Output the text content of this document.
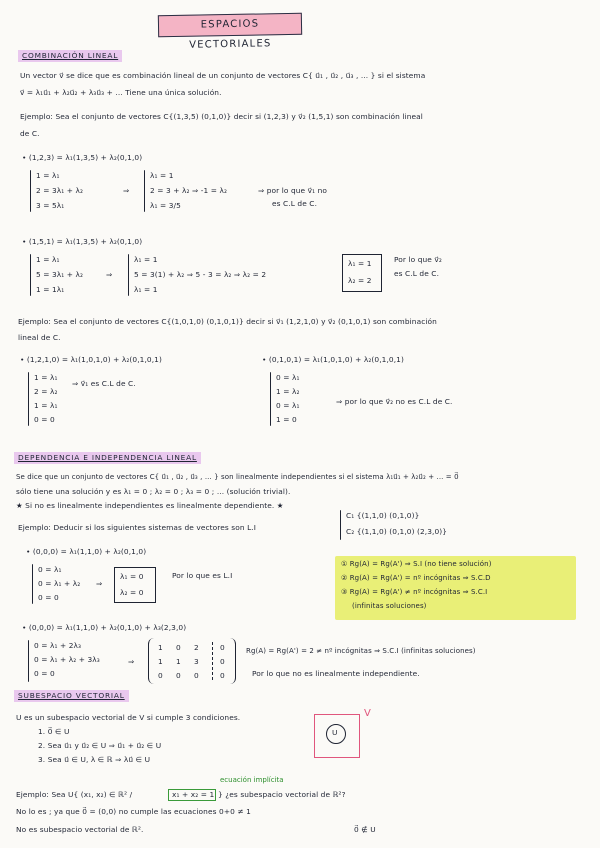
ESPACIOS VECTORIALES
COMBINACIÓN LINEAL
Un vector v⃗ se dice que es combinación lineal de un conjunto de vectores C{ u⃗₁ , u⃗₂ , u⃗₃ , ... } si el sistema
v⃗ = λ₁u⃗₁ + λ₂u⃗₂ + λ₃u⃗₃ + ... Tiene una única solución.
Ejemplo: Sea el conjunto de vectores C{(1,3,5) (0,1,0)} decir si (1,2,3) y v⃗₂ (1,5,1) son combinación lineal
de C.
• (1,2,3) = λ₁(1,3,5) + λ₂(0,1,0)
1 = λ₁
2 = 3λ₁ + λ₂
3 = 5λ₁
⇒
λ₁ = 1
2 = 3 + λ₂ ⇒ -1 = λ₂
λ₁ = 3/5
⇒ por lo que v⃗₁ no
es C.L de C.
• (1,5,1) = λ₁(1,3,5) + λ₂(0,1,0)
1 = λ₁
5 = 3λ₁ + λ₂
1 = 1λ₁
⇒
λ₁ = 1
5 = 3(1) + λ₂ ⇒ 5 - 3 = λ₂ ⇒ λ₂ = 2
λ₁ = 1
λ₁ = 1
λ₂ = 2
Por lo que v⃗₂
es C.L de C.
Ejemplo: Sea el conjunto de vectores C{(1,0,1,0) (0,1,0,1)} decir si v⃗₁ (1,2,1,0) y v⃗₂ (0,1,0,1) son combinación
lineal de C.
• (1,2,1,0) = λ₁(1,0,1,0) + λ₂(0,1,0,1)
1 = λ₁
2 = λ₂
1 = λ₁
0 = 0
⇒ v⃗₁ es C.L de C.
• (0,1,0,1) = λ₁(1,0,1,0) + λ₂(0,1,0,1)
0 = λ₁
1 = λ₂
0 = λ₁
1 = 0
⇒ por lo que v⃗₂ no es C.L de C.
DEPENDENCIA E INDEPENDENCIA LINEAL
Se dice que un conjunto de vectores C{ u⃗₁ , u⃗₂ , u⃗₃ , ... } son linealmente independientes si el sistema λ₁u⃗₁ + λ₂u⃗₂ + ... = 0⃗
sólo tiene una solución y es λ₁ = 0 ; λ₂ = 0 ; λ₃ = 0 ; ... (solución trivial).
★ Si no es linealmente independientes es linealmente dependiente. ★
Ejemplo: Deducir si los siguientes sistemas de vectores son L.I
C₁ {(1,1,0) (0,1,0)}
C₂ {(1,1,0) (0,1,0) (2,3,0)}
• (0,0,0) = λ₁(1,1,0) + λ₂(0,1,0)
0 = λ₁
0 = λ₁ + λ₂
0 = 0
⇒
λ₁ = 0
λ₂ = 0
Por lo que es L.I
① Rg(A) = Rg(A') ⇒ S.I (no tiene solución)
② Rg(A) = Rg(A') = nº incógnitas ⇒ S.C.D
③ Rg(A) = Rg(A') ≠ nº incógnitas ⇒ S.C.I
(infinitas soluciones)
• (0,0,0) = λ₁(1,1,0) + λ₂(0,1,0) + λ₃(2,3,0)
0 = λ₁ + 2λ₃
0 = λ₁ + λ₂ + 3λ₃
0 = 0
⇒
1 0 2	0
1 1 3	0
0 0 0	0
Rg(A) = Rg(A') = 2 ≠ nº incógnitas ⇒ S.C.I (infinitas soluciones)
Por lo que no es linealmente independiente.
SUBESPACIO VECTORIAL
U es un subespacio vectorial de V si cumple 3 condiciones.
1. 0⃗ ∈ U
2. Sea u⃗₁ y u⃗₂ ∈ U ⇒ u⃗₁ + u⃗₂ ∈ U
3. Sea u⃗ ∈ U, λ ∈ ℝ ⇒ λu⃗ ∈ U
U
V
ecuación implícita
Ejemplo: Sea U{ (x₁, x₂) ∈ ℝ² /	x₁ + x₂ = 1 } ¿es subespacio vectorial de ℝ²?
No lo es ; ya que 0⃗ = (0,0) no cumple las ecuaciones 0+0 ≠ 1
No es subespacio vectorial de ℝ².	0⃗ ∉ U
